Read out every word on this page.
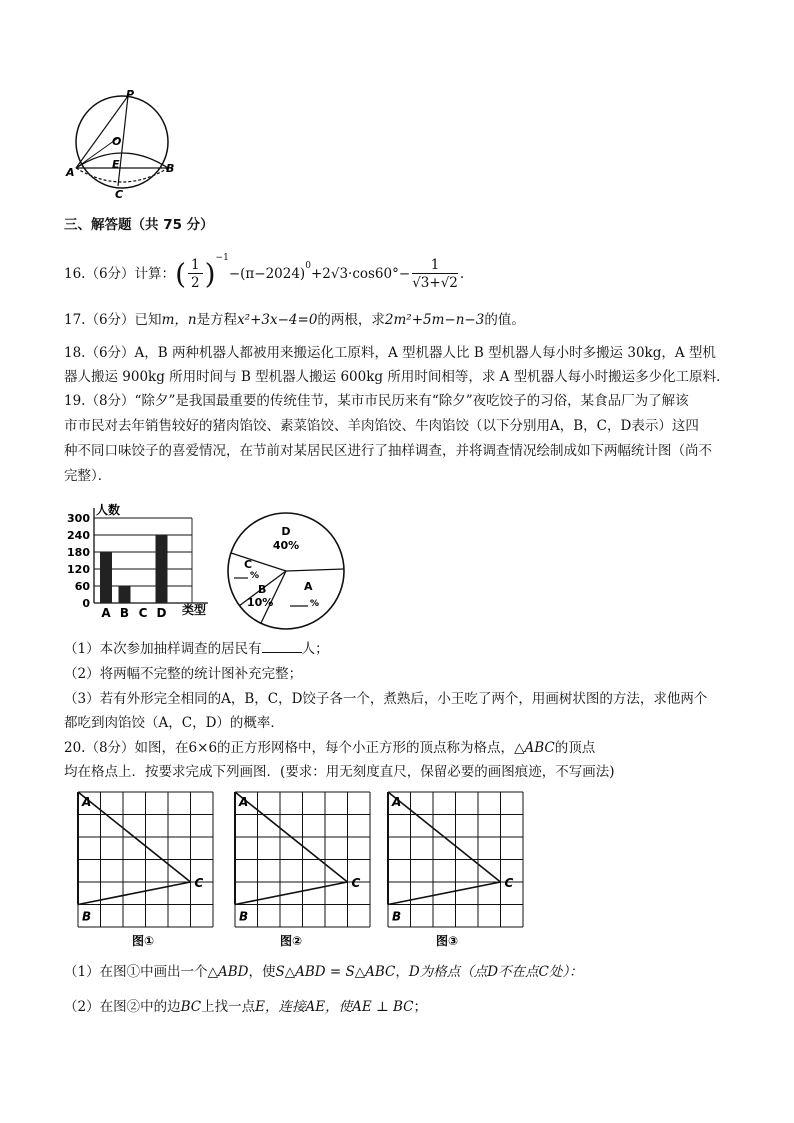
P
O
E
A	B
C
三、解答题（共 75 分）
16.（6分）计算：( $\frac{1}{2} )^{-1}-(\pi-2024)^0+2√3\cdot\cos 60^\circ- \frac{1}{√3+√2}$ .
17.（6分）已知m，n是方程x²+3x−4=0的两根，求2m²+5m−n−3的值。
18.（6分）A，B 两种机器人都被用来搬运化工原料，A 型机器人比 B 型机器人每小时多搬运 30kg，A 型机
器人搬运 900kg 所用时间与 B 型机器人搬运 600kg 所用时间相等，求 A 型机器人每小时搬运多少化工原料．
19.（8分）“除夕”是我国最重要的传统佳节，某市市民历来有“除夕”夜吃饺子的习俗，某食品厂为了解该
市市民对去年销售较好的猪肉馅饺、素菜馅饺、羊肉馅饺、牛肉馅饺（以下分别用A，B，C，D表示）这四
种不同口味饺子的喜爱情况，在节前对某居民区进行了抽样调查，并将调查情况绘制成如下两幅统计图（尚不
完整）．
0
60
120
180
240
300
A B C D
人数
类型
D
40%
C
%
B
10%
A
%
（1）本次参加抽样调查的居民有	人；
（2）将两幅不完整的统计图补充完整；
（3）若有外形完全相同的A，B，C，D饺子各一个，煮熟后，小王吃了两个，用画树状图的方法，求他两个
都吃到肉馅饺（A，C，D）的概率．
20.（8分）如图，在6×6的正方形网格中，每个小正方形的顶点称为格点，△ABC的顶点
均在格点上．按要求完成下列画图．(要求：用无刻度直尺，保留必要的画图痕迹，不写画法)
A
B
C
A
B
C
A
B
C
图①	图②	图③
（1）在图①中画出一个△ABD，使S△ABD = S△ABC，D为格点（点D不在点C处）：
（2）在图②中的边BC上找一点E，连接AE，使AE ⊥ BC；
